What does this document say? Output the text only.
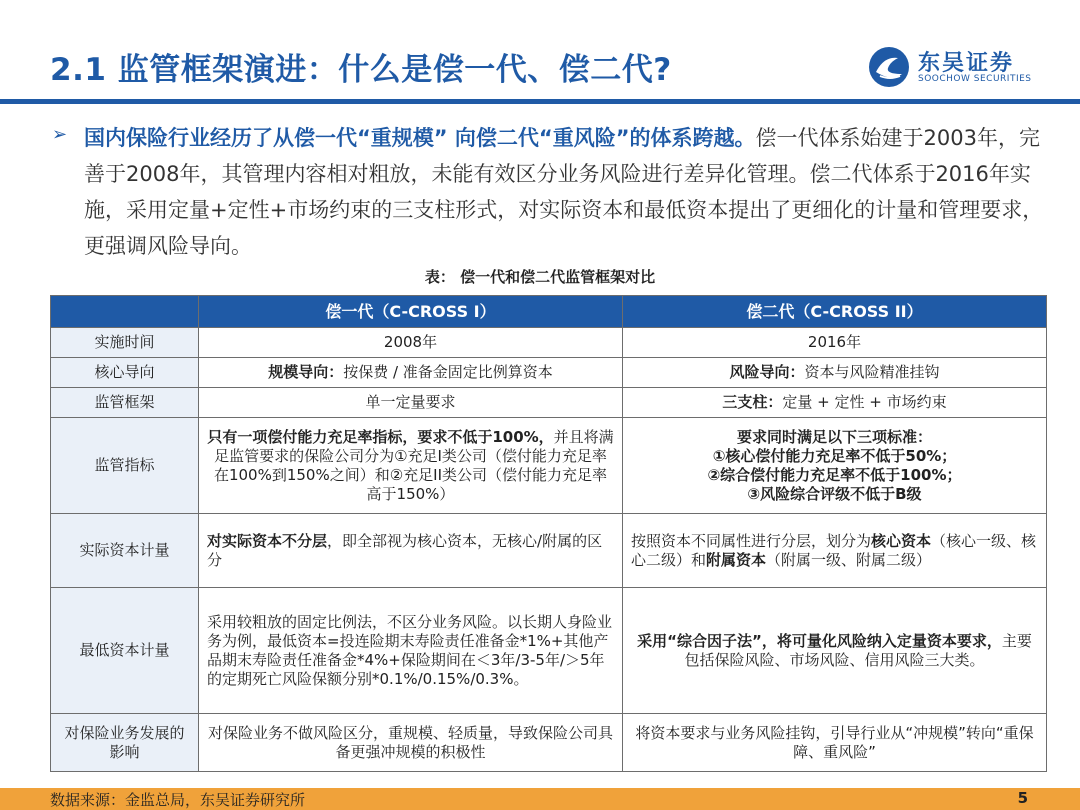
2.1 监管框架演进：什么是偿一代、偿二代?	东吴证券
SOOCHOW SECURITIES
➢ 国内保险行业经历了从偿一代“重规模” 向偿二代“重风险”的体系跨越。偿一代体系始建于2003年，完善于2008年，其管理内容相对粗放，未能有效区分业务风险进行差异化管理。偿二代体系于2016年实施，采用定量+定性+市场约束的三支柱形式，对实际资本和最低资本提出了更细化的计量和管理要求，更强调风险导向。
表： 偿一代和偿二代监管框架对比
	偿一代（C-CROSS I）	偿二代（C-CROSS II）
实施时间	2008年	2016年
核心导向	规模导向：按保费 / 准备金固定比例算资本	风险导向：资本与风险精准挂钩
监管框架	单一定量要求	三支柱：定量 + 定性 + 市场约束
监管指标	只有一项偿付能力充足率指标，要求不低于100%，并且将满足监管要求的保险公司分为①充足I类公司（偿付能力充足率在100%到150%之间）和②充足II类公司（偿付能力充足率高于150%）	要求同时满足以下三项标准：
①核心偿付能力充足率不低于50%；
②综合偿付能力充足率不低于100%；
③风险综合评级不低于B级
实际资本计量	对实际资本不分层，即全部视为核心资本，无核心/附属的区分	按照资本不同属性进行分层，划分为核心资本（核心一级、核心二级）和附属资本（附属一级、附属二级）
最低资本计量	采用较粗放的固定比例法，不区分业务风险。以长期人身险业务为例，最低资本=投连险期末寿险责任准备金*1%+其他产品期末寿险责任准备金*4%+保险期间在＜3年/3-5年/＞5年的定期死亡风险保额分别*0.1%/0.15%/0.3%。	采用“综合因子法”，将可量化风险纳入定量资本要求，主要包括保险风险、市场风险、信用风险三大类。
对保险业务发展的影响	对保险业务不做风险区分，重规模、轻质量，导致保险公司具备更强冲规模的积极性	将资本要求与业务风险挂钩，引导行业从“冲规模”转向“重保障、重风险”
数据来源：金监总局，东吴证券研究所	5
